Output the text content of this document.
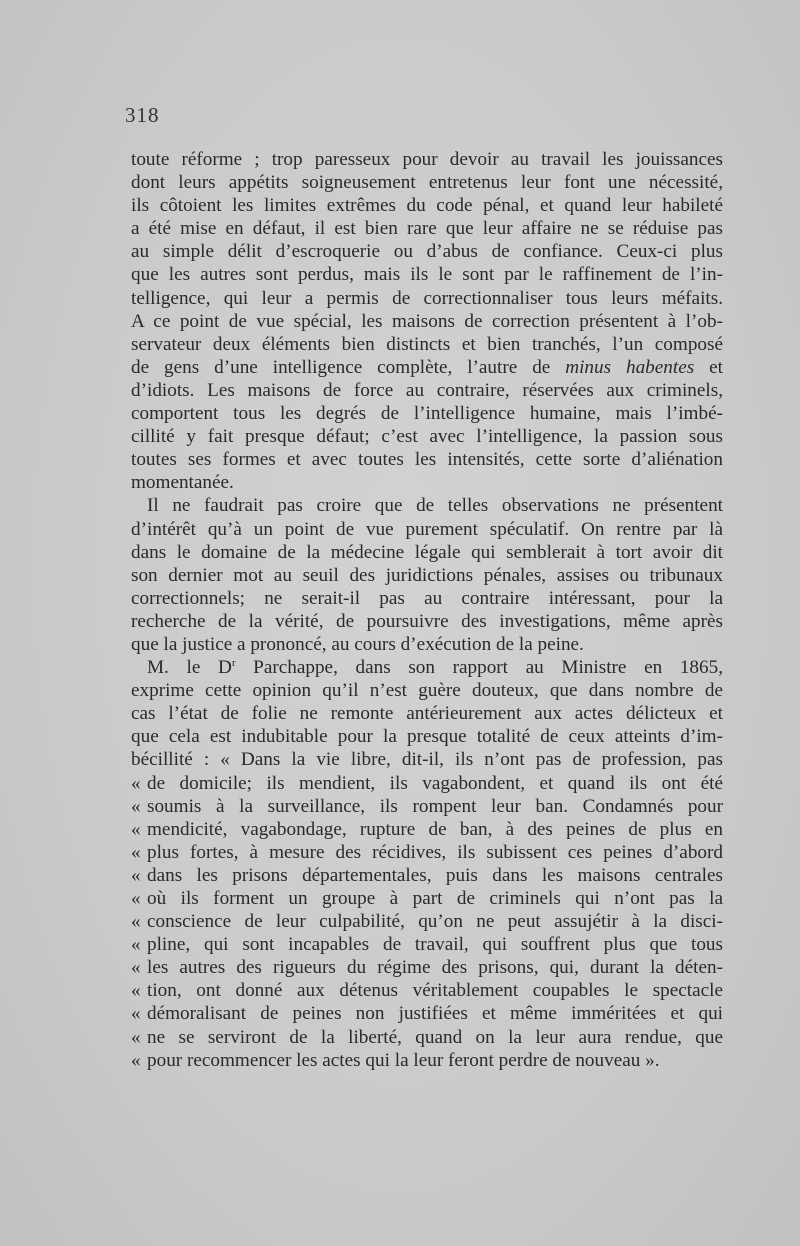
318
toute réforme ; trop paresseux pour devoir au travail les jouissances
dont leurs appétits soigneusement entretenus leur font une nécessité,
ils côtoient les limites extrêmes du code pénal, et quand leur habileté
a été mise en défaut, il est bien rare que leur affaire ne se réduise pas
au simple délit d’escroquerie ou d’abus de confiance. Ceux-ci plus
que les autres sont perdus, mais ils le sont par le raffinement de l’in-
telligence, qui leur a permis de correctionnaliser tous leurs méfaits.
A ce point de vue spécial, les maisons de correction présentent à l’ob-
servateur deux éléments bien distincts et bien tranchés, l’un composé
de gens d’une intelligence complète, l’autre de minus habentes et
d’idiots. Les maisons de force au contraire, réservées aux criminels,
comportent tous les degrés de l’intelligence humaine, mais l’imbé-
cillité y fait presque défaut; c’est avec l’intelligence, la passion sous
toutes ses formes et avec toutes les intensités, cette sorte d’aliénation
momentanée.
Il ne faudrait pas croire que de telles observations ne présentent
d’intérêt qu’à un point de vue purement spéculatif. On rentre par là
dans le domaine de la médecine légale qui semblerait à tort avoir dit
son dernier mot au seuil des juridictions pénales, assises ou tribunaux
correctionnels; ne serait-il pas au contraire intéressant, pour la
recherche de la vérité, de poursuivre des investigations, même après
que la justice a prononcé, au cours d’exécution de la peine.
M. le $D^r$ Parchappe, dans son rapport au Ministre en 1865,
exprime cette opinion qu’il n’est guère douteux, que dans nombre de
cas l’état de folie ne remonte antérieurement aux actes délicteux et
que cela est indubitable pour la presque totalité de ceux atteints d’im-
bécillité : « Dans la vie libre, dit-il, ils n’ont pas de profession, pas
« de domicile; ils mendient, ils vagabondent, et quand ils ont été
« soumis à la surveillance, ils rompent leur ban. Condamnés pour
« mendicité, vagabondage, rupture de ban, à des peines de plus en
« plus fortes, à mesure des récidives, ils subissent ces peines d’abord
« dans les prisons départementales, puis dans les maisons centrales
« où ils forment un groupe à part de criminels qui n’ont pas la
« conscience de leur culpabilité, qu’on ne peut assujétir à la disci-
« pline, qui sont incapables de travail, qui souffrent plus que tous
« les autres des rigueurs du régime des prisons, qui, durant la déten-
« tion, ont donné aux détenus véritablement coupables le spectacle
« démoralisant de peines non justifiées et même imméritées et qui
« ne se serviront de la liberté, quand on la leur aura rendue, que
« pour recommencer les actes qui la leur feront perdre de nouveau ».
